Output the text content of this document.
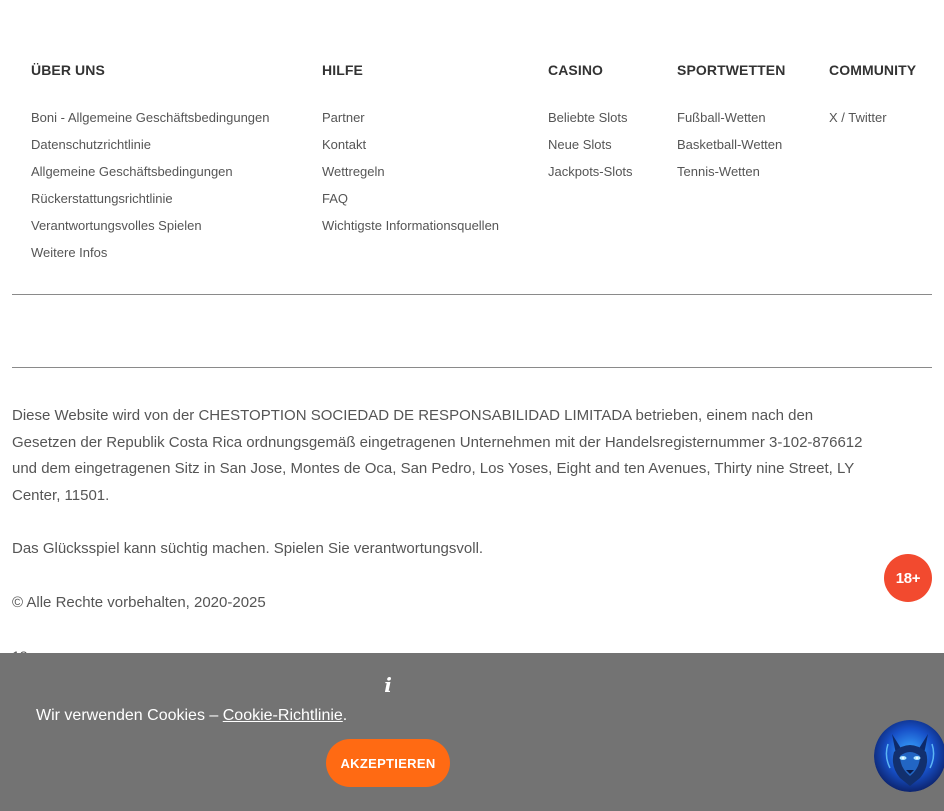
ÜBER UNS
Boni - Allgemeine Geschäftsbedingungen
Datenschutzrichtlinie
Allgemeine Geschäftsbedingungen
Rückerstattungsrichtlinie
Verantwortungsvolles Spielen
Weitere Infos
HILFE
Partner
Kontakt
Wettregeln
FAQ
Wichtigste Informationsquellen
CASINO
Beliebte Slots
Neue Slots
Jackpots-Slots
SPORTWETTEN
Fußball-Wetten
Basketball-Wetten
Tennis-Wetten
COMMUNITY
X / Twitter

Diese Website wird von der CHESTOPTION SOCIEDAD DE RESPONSABILIDAD LIMITADA betrieben, einem nach den Gesetzen der Republik Costa Rica ordnungsgemäß eingetragenen Unternehmen mit der Handelsregisternummer 3-102-876612 und dem eingetragenen Sitz in San Jose, Montes de Oca, San Pedro, Los Yoses, Eight and ten Avenues, Thirty nine Street, LY Center, 11501.

Das Glücksspiel kann süchtig machen. Spielen Sie verantwortungsvoll.

© Alle Rechte vorbehalten, 2020-2025

18+
i

Wir verwenden Cookies – Cookie-Richtlinie.

AKZEPTIEREN
